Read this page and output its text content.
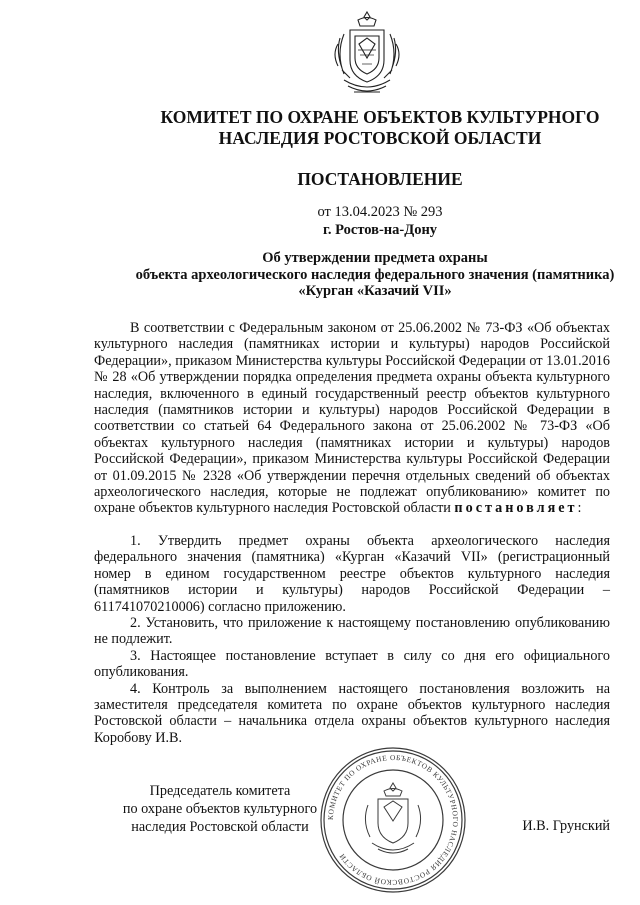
КОМИТЕТ ПО ОХРАНЕ ОБЪЕКТОВ КУЛЬТУРНОГО
НАСЛЕДИЯ РОСТОВСКОЙ ОБЛАСТИ
ПОСТАНОВЛЕНИЕ
от 13.04.2023 № 293
г. Ростов-на-Дону
Об утверждении предмета охраны
объекта археологического наследия федерального значения (памятника)
«Курган «Казачий VII»

В соответствии с Федеральным законом от 25.06.2002 № 73-ФЗ «Об объектах культурного наследия (памятниках истории и культуры) народов Российской Федерации», приказом Министерства культуры Российской Федерации от 13.01.2016 № 28 «Об утверждении порядка определения предмета охраны объекта культурного наследия, включенного в единый государственный реестр объектов культурного наследия (памятников истории и культуры) народов Российской Федерации в соответствии со статьей 64 Федерального закона от 25.06.2002 № 73-ФЗ «Об объектах культурного наследия (памятниках истории и культуры) народов Российской Федерации», приказом Министерства культуры Российской Федерации от 01.09.2015 № 2328 «Об утверждении перечня отдельных сведений об объектах археологического наследия, которые не подлежат опубликованию» комитет по охране объектов культурного наследия Ростовской области постановляет:

1. Утвердить предмет охраны объекта археологического наследия федерального значения (памятника) «Курган «Казачий VII» (регистрационный номер в едином государственном реестре объектов культурного наследия (памятников истории и культуры) народов Российской Федерации – 611741070210006) согласно приложению.

2. Установить, что приложение к настоящему постановлению опубликованию не подлежит.

3. Настоящее постановление вступает в силу со дня его официального опубликования.

4. Контроль за выполнением настоящего постановления возложить на заместителя председателя комитета по охране объектов культурного наследия Ростовской области – начальника отдела охраны объектов культурного наследия Коробову И.В.

КОМИТЕТ ПО ОХРАНЕ ОБЪЕКТОВ КУЛЬТУРНОГО НАСЛЕДИЯ РОСТОВСКОЙ ОБЛАСТИ
Председатель комитета
по охране объектов культурного
наследия Ростовской области	И.В. Грунский
